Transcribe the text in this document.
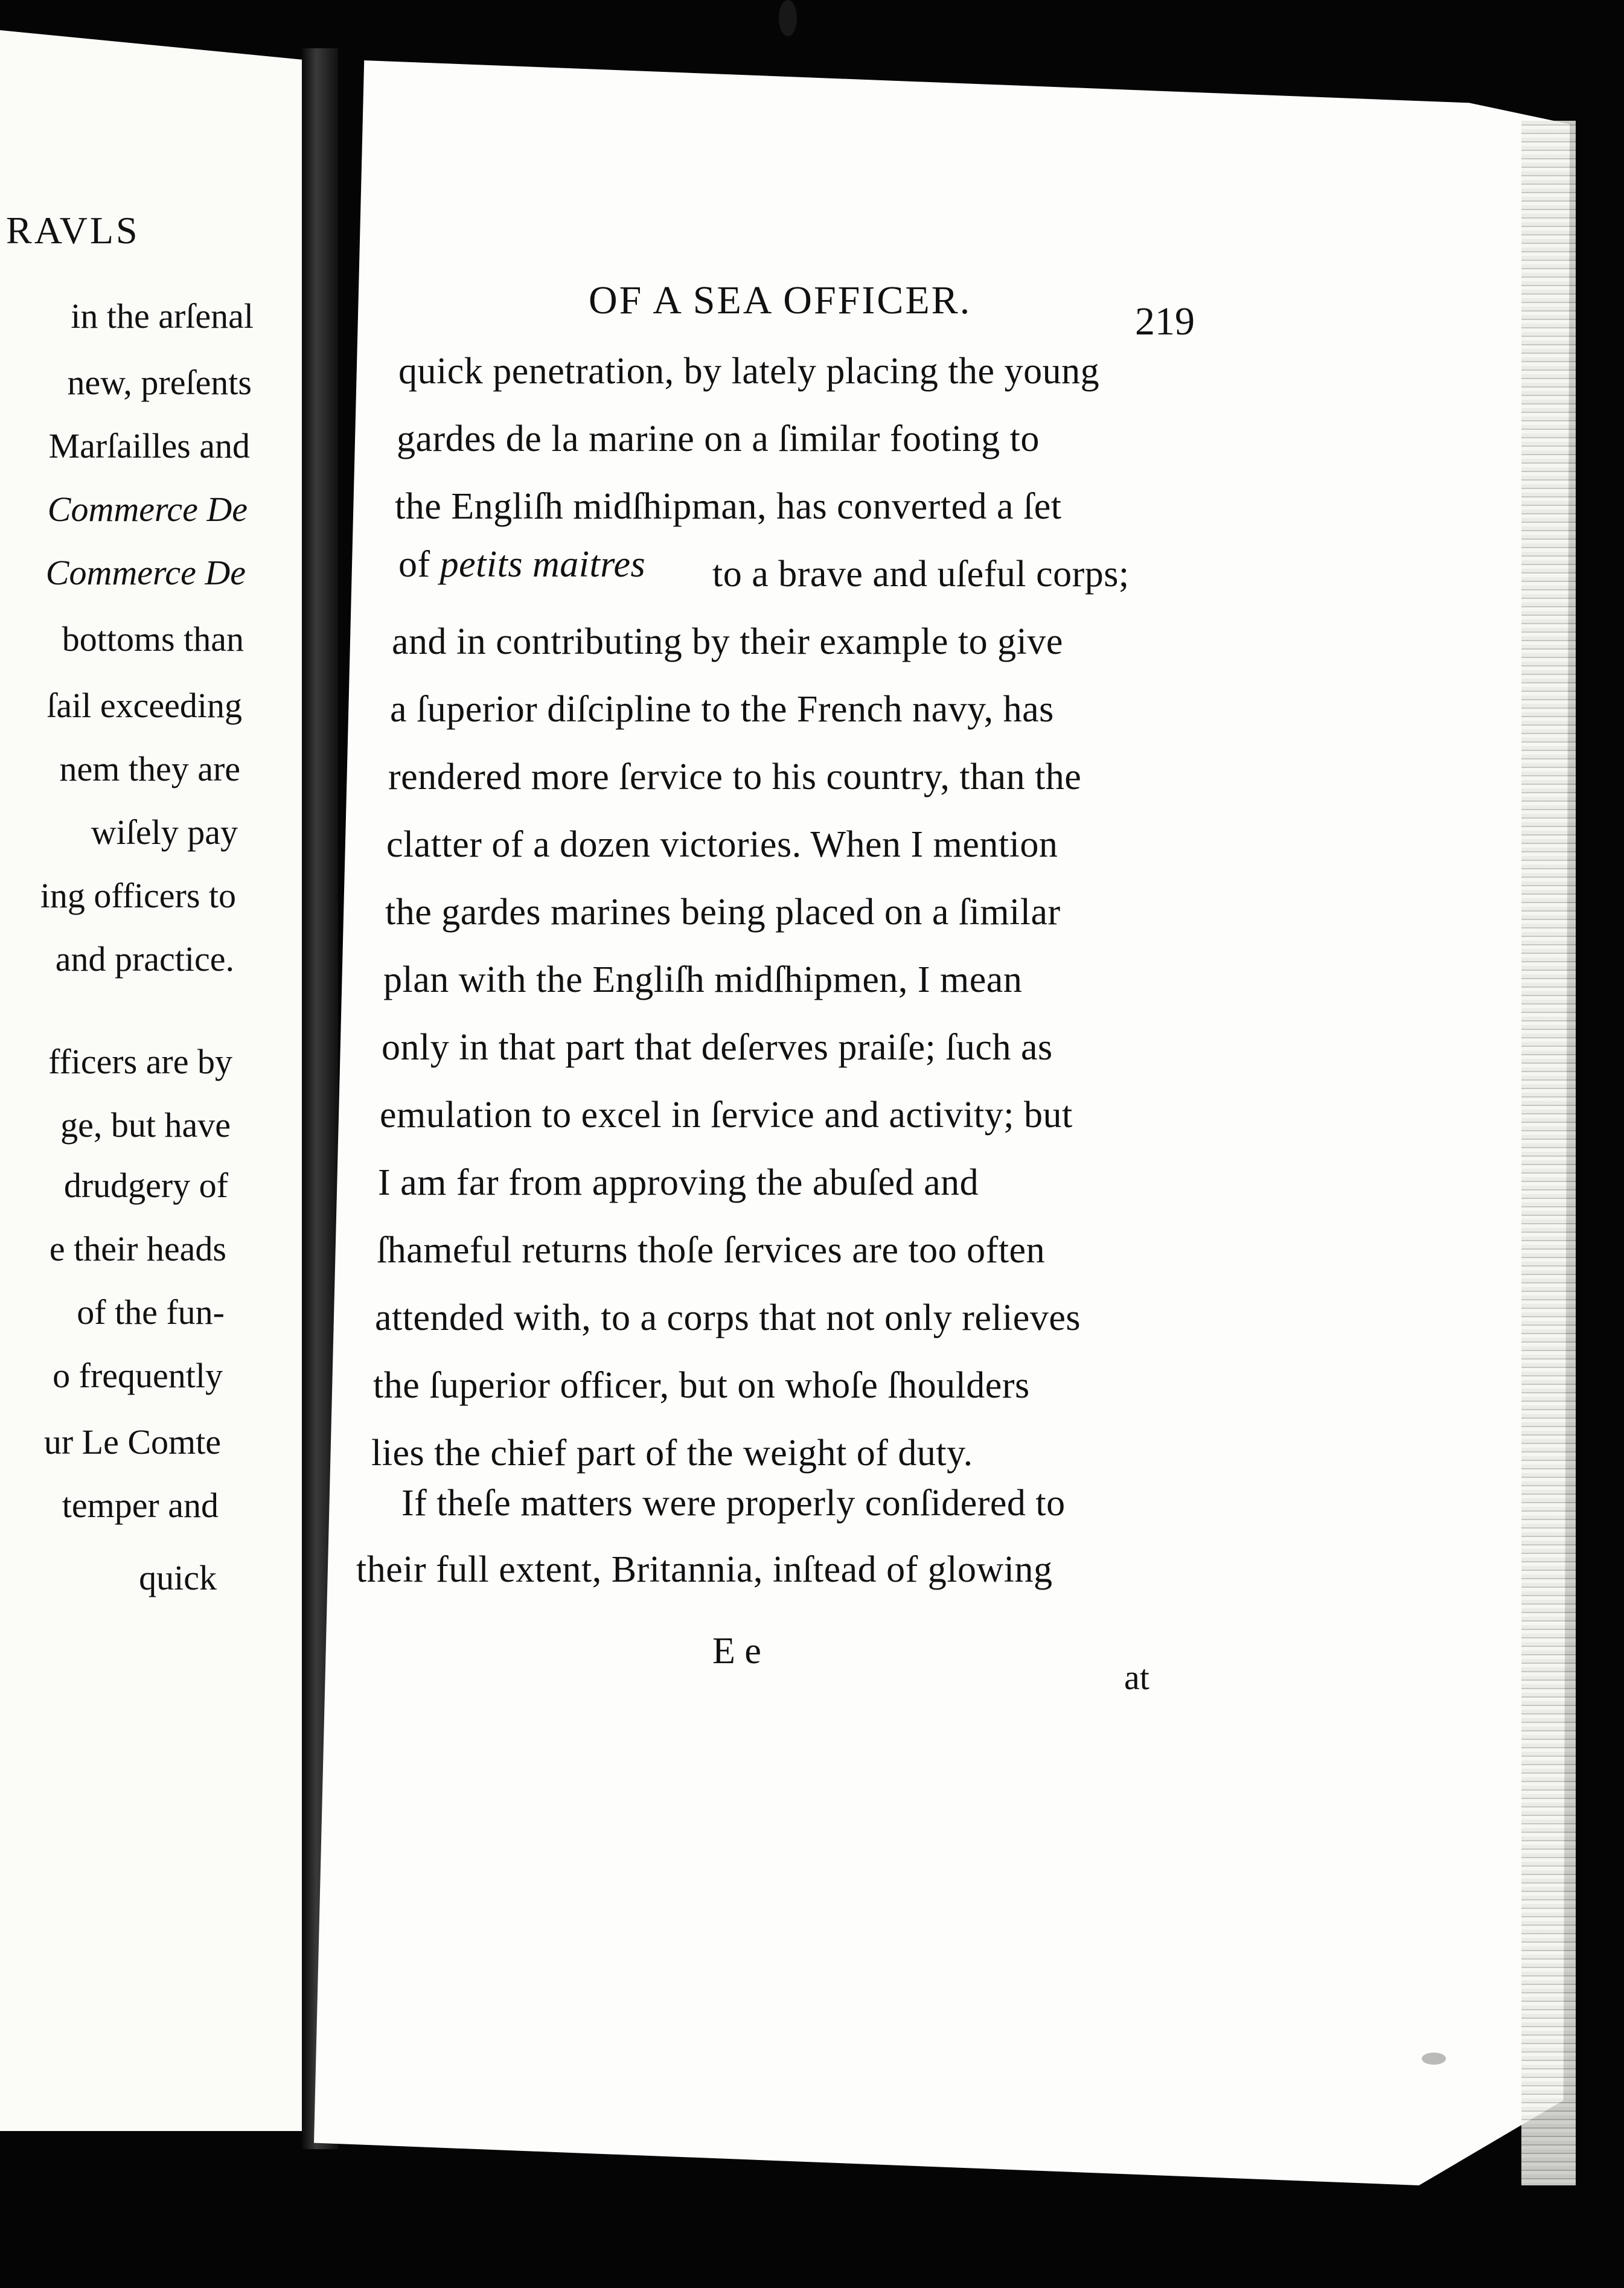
RAVLS
in the arſenal
new, preſents
Marſailles and
Commerce De
Commerce De
bottoms than
ſail exceeding
nem they are
wiſely pay
ing officers to
and practice.
fficers are by
ge, but have
drudgery of
e their heads
of the fun-
o frequently
ur Le Comte
temper and
quick
OF A SEA OFFICER.	219
quick penetration, by lately placing the young
gardes de la marine on a ſimilar footing to
the Engliſh midſhipman, has converted a ſet
to a brave and uſeful corps;
and in contributing by their example to give
a ſuperior diſcipline to the French navy, has
rendered more ſervice to his country, than the
clatter of a dozen victories. When I mention
the gardes marines being placed on a ſimilar
plan with the Engliſh midſhipmen, I mean
only in that part that deſerves praiſe; ſuch as
emulation to excel in ſervice and activity; but
I am far from approving the abuſed and
ſhameful returns thoſe ſervices are too often
attended with, to a corps that not only relieves
the ſuperior officer, but on whoſe ſhoulders
lies the chief part of the weight of duty.
of petits maitres
If theſe matters were properly conſidered to
their full extent, Britannia, inſtead of glowing
E e
at
